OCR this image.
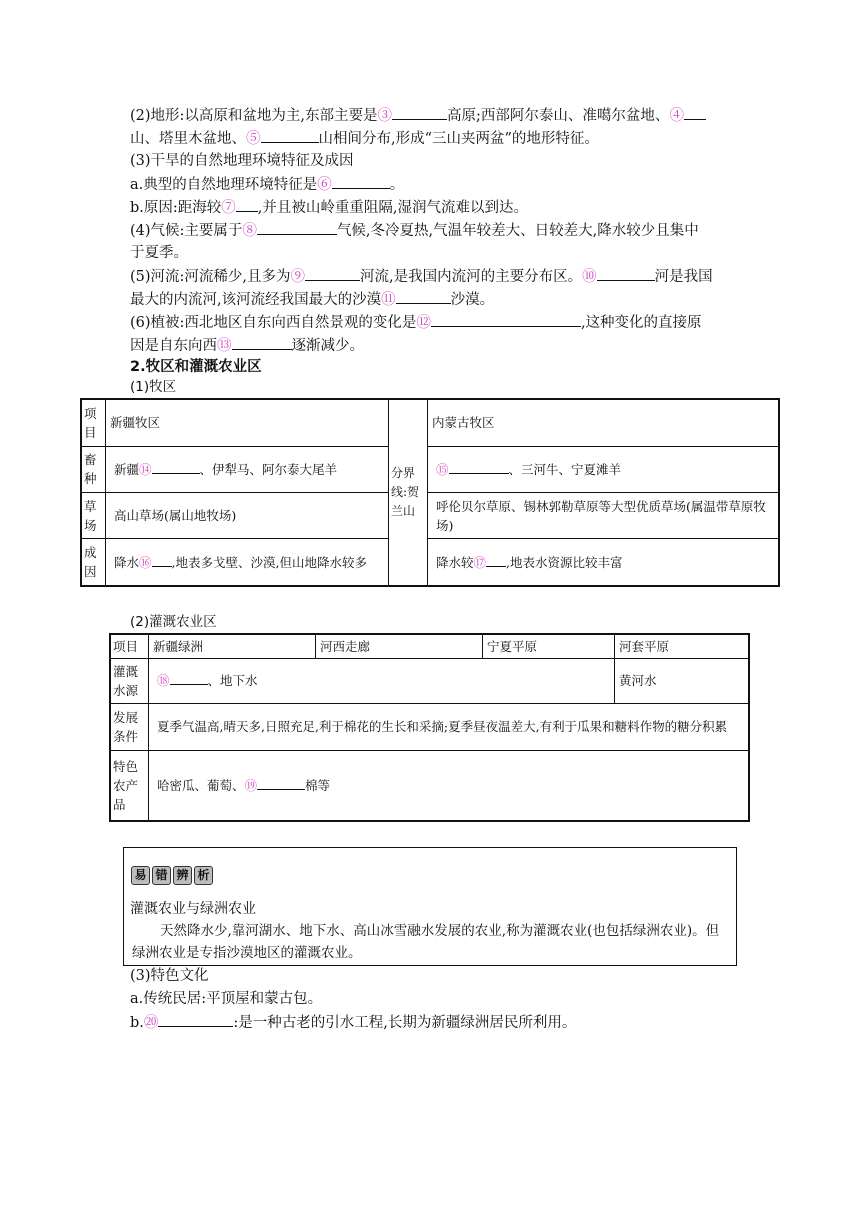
(2)地形:以高原和盆地为主,东部主要是③	高原;西部阿尔泰山、准噶尔盆地、④
山、塔里木盆地、⑤	山相间分布,形成“三山夹两盆”的地形特征。
(3)干旱的自然地理环境特征及成因
a.典型的自然地理环境特征是⑥	。
b.原因:距海较⑦ ,并且被山岭重重阻隔,湿润气流难以到达。
(4)气候:主要属于⑧	气候,冬冷夏热,气温年较差大、日较差大,降水较少且集中
于夏季。
(5)河流:河流稀少,且多为⑨	河流,是我国内流河的主要分布区。⑩	河是我国
最大的内流河,该河流经我国最大的沙漠⑪	沙漠。
(6)植被:西北地区自东向西自然景观的变化是⑫	,这种变化的直接原
因是自东向西⑬	逐渐减少。
2.牧区和灌溉农业区
(1)牧区
项目	新疆牧区	分界线:贺兰山	内蒙古牧区
畜种	新疆⑭ 、伊犁马、阿尔泰大尾羊		⑮ 、三河牛、宁夏滩羊
草场	高山草场(属山地牧场)		呼伦贝尔草原、锡林郭勒草原等大型优质草场(属温带草原牧场)
成因	降水⑯ ,地表多戈壁、沙漠,但山地降水较多		降水较⑰ ,地表水资源比较丰富
(2)灌溉农业区
项目	新疆绿洲	河西走廊	宁夏平原	河套平原
灌溉水源	⑱ 、地下水			黄河水
发展条件	夏季气温高,晴天多,日照充足,利于棉花的生长和采摘;夏季昼夜温差大,有利于瓜果和糖料作物的糖分积累			
特色农产品	哈密瓜、葡萄、⑲ 棉等			
易 错 辨 析
灌溉农业与绿洲农业
天然降水少,靠河湖水、地下水、高山冰雪融水发展的农业,称为灌溉农业(也包括绿洲农业)。但绿洲农业是专指沙漠地区的灌溉农业。
(3)特色文化
a.传统民居:平顶屋和蒙古包。
b.⑳	:是一种古老的引水工程,长期为新疆绿洲居民所利用。
